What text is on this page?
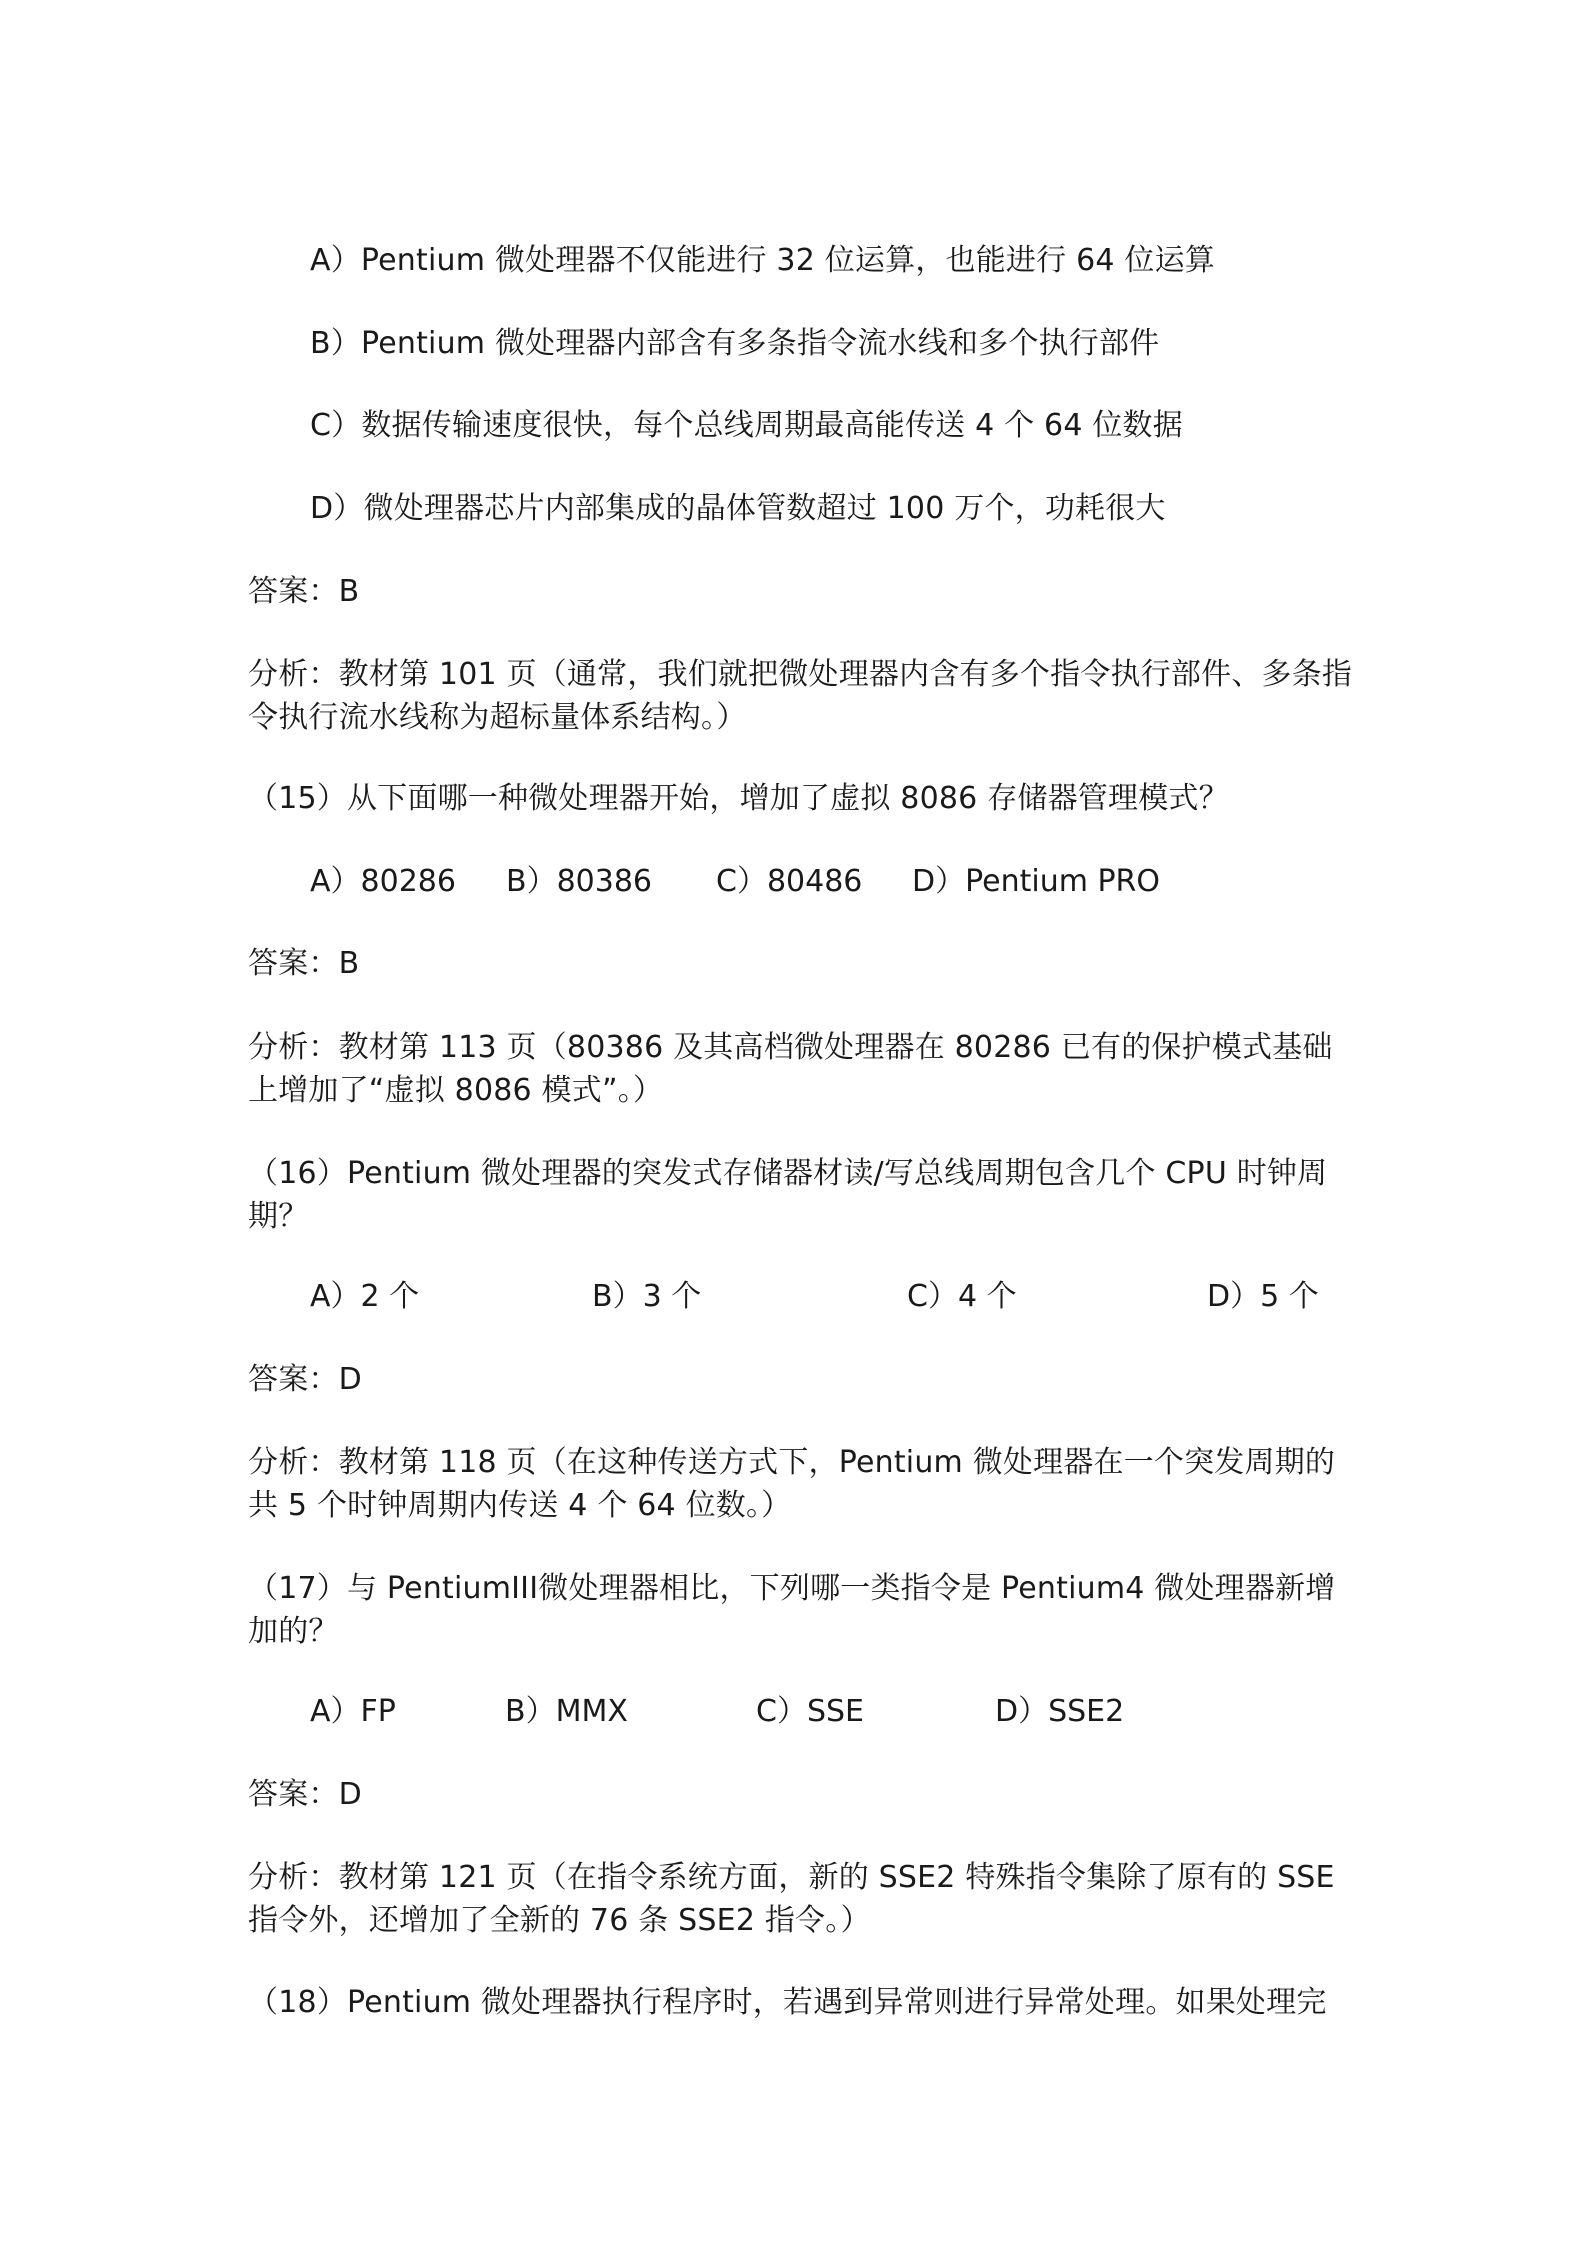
A）Pentium 微处理器不仅能进行 32 位运算，也能进行 64 位运算
B）Pentium 微处理器内部含有多条指令流水线和多个执行部件
C）数据传输速度很快，每个总线周期最高能传送 4 个 64 位数据
D）微处理器芯片内部集成的晶体管数超过 100 万个，功耗很大
答案：B
分析：教材第 101 页（通常，我们就把微处理器内含有多个指令执行部件、多条指令执行流水线称为超标量体系结构。）
（15）从下面哪一种微处理器开始，增加了虚拟 8086 存储器管理模式？
A）80286 B）80386 C）80486 D）Pentium PRO
答案：B
分析：教材第 113 页（80386 及其高档微处理器在 80286 已有的保护模式基础上增加了“虚拟 8086 模式”。）
（16）Pentium 微处理器的突发式存储器材读/写总线周期包含几个 CPU 时钟周期？
A）2 个	B）3 个	C）4 个	D）5 个
答案：D
分析：教材第 118 页（在这种传送方式下，Pentium 微处理器在一个突发周期的共 5 个时钟周期内传送 4 个 64 位数。）
（17）与 PentiumIII微处理器相比，下列哪一类指令是 Pentium4 微处理器新增加的？
A）FP	B）MMX	C）SSE	D）SSE2
答案：D
分析：教材第 121 页（在指令系统方面，新的 SSE2 特殊指令集除了原有的 SSE 指令外，还增加了全新的 76 条 SSE2 指令。）
（18）Pentium 微处理器执行程序时，若遇到异常则进行异常处理。如果处理完
